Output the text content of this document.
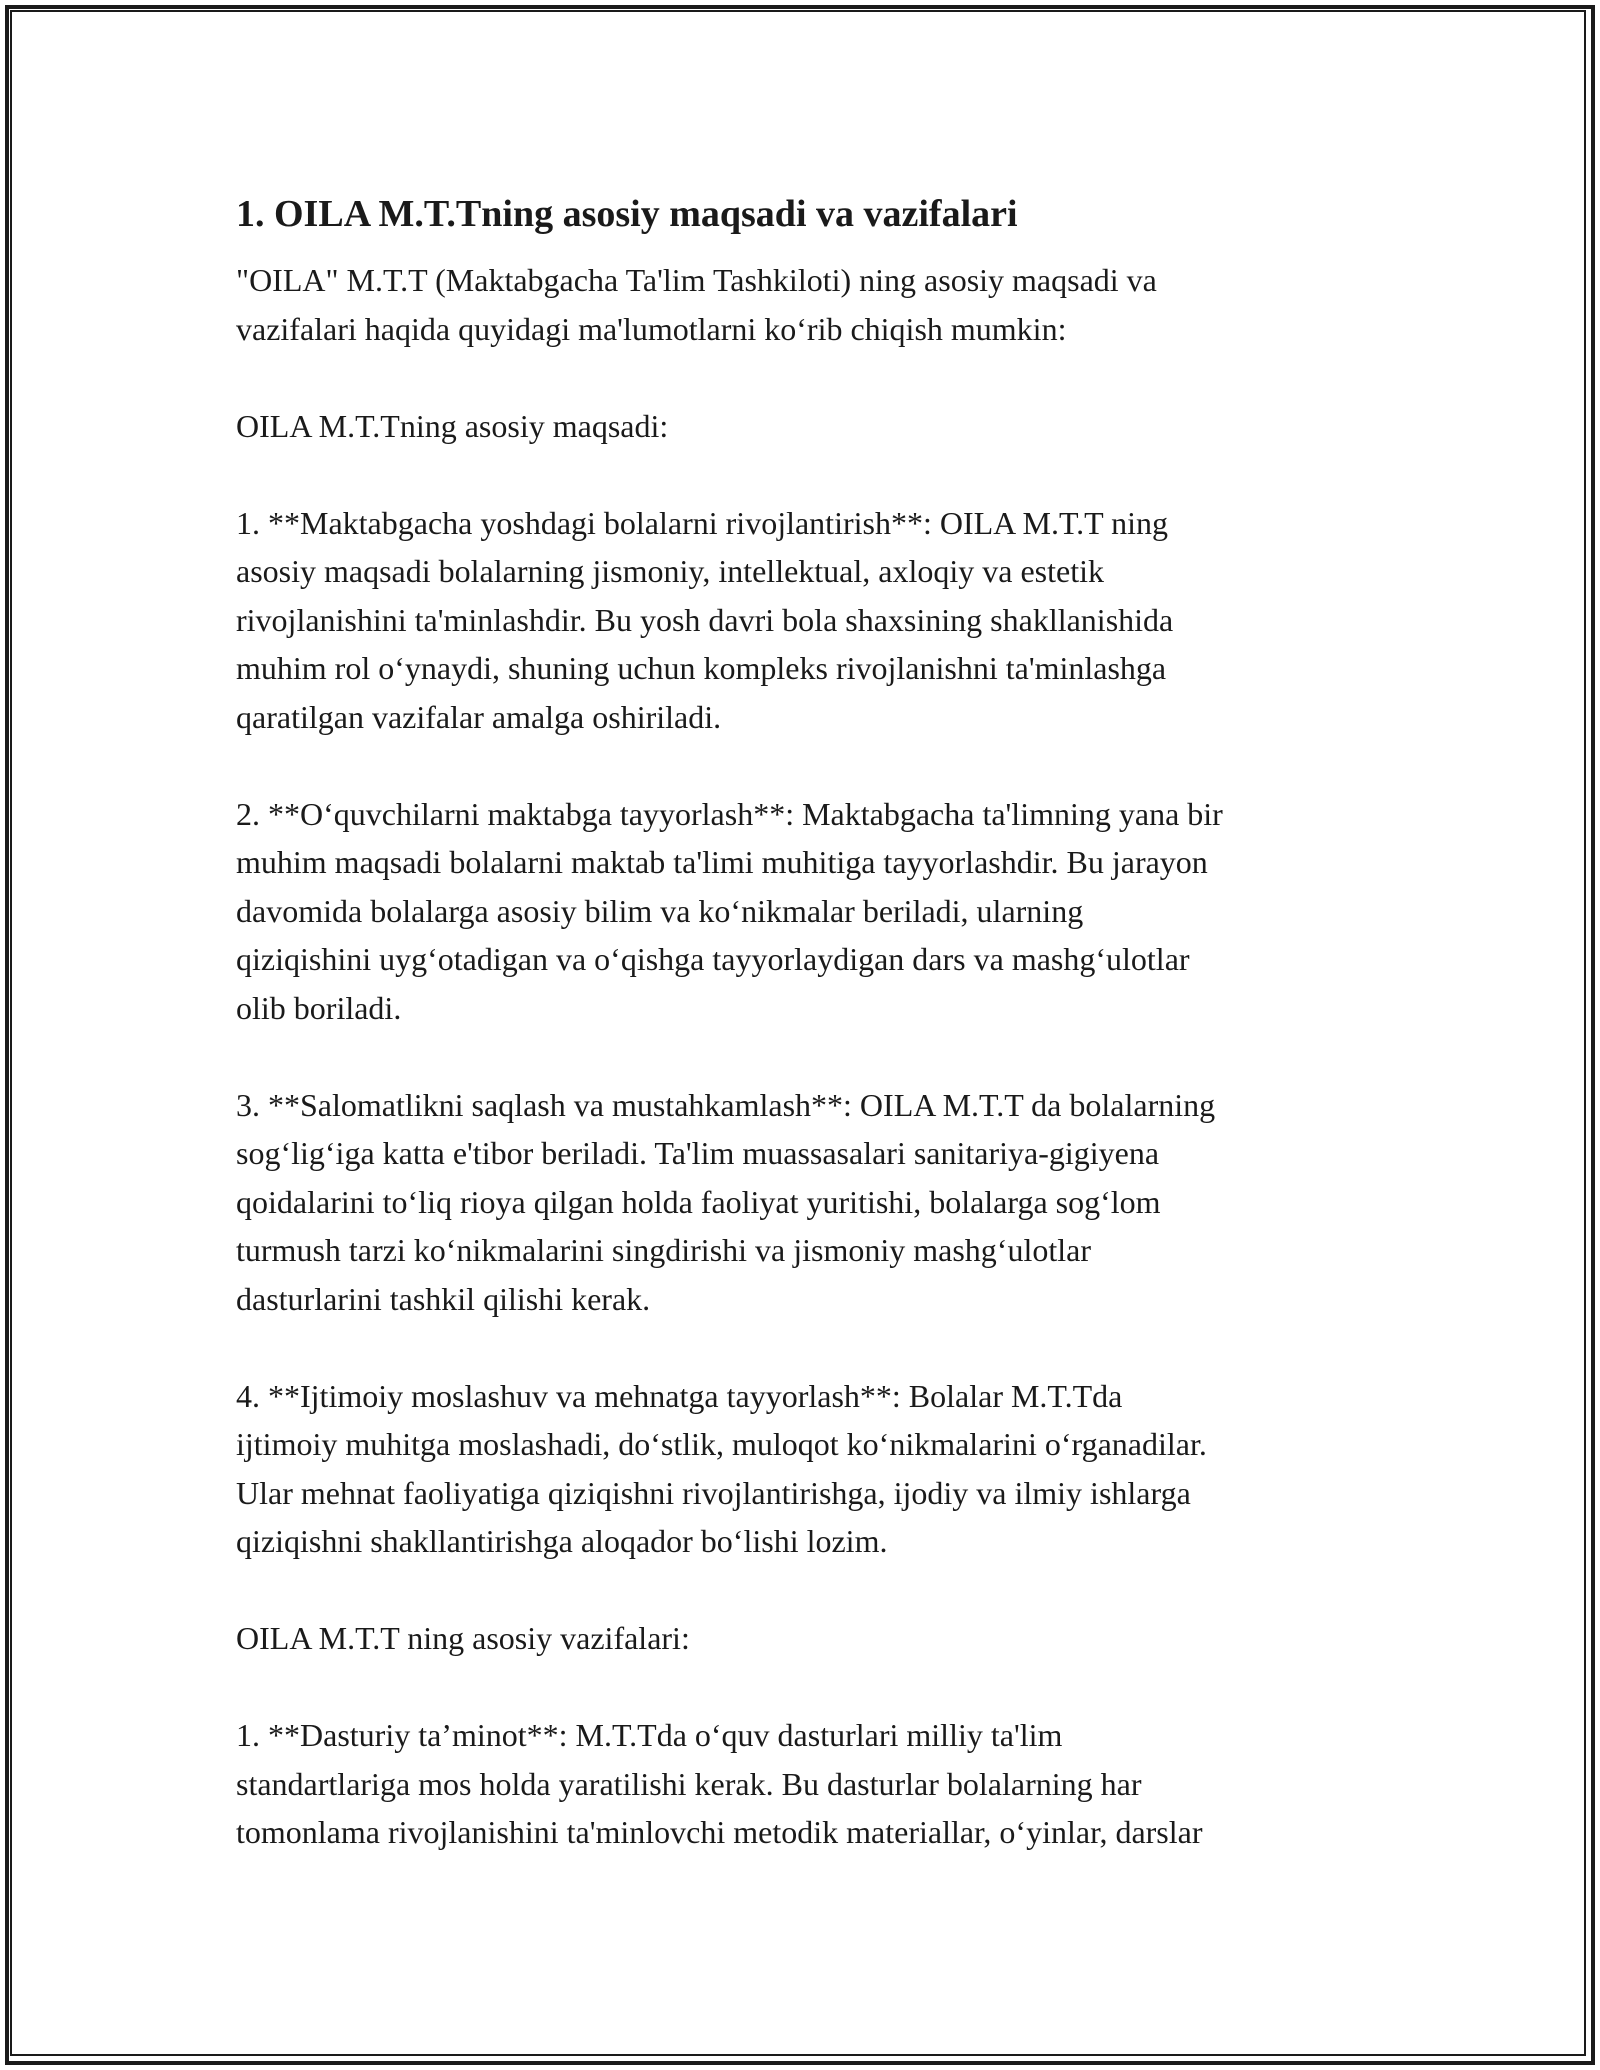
1. OILA M.T.Tning asosiy maqsadi va vazifalari

"OILA" M.T.T (Maktabgacha Ta'lim Tashkiloti) ning asosiy maqsadi va
vazifalari haqida quyidagi ma'lumotlarni ko‘rib chiqish mumkin:

OILA M.T.Tning asosiy maqsadi:

1. **Maktabgacha yoshdagi bolalarni rivojlantirish**: OILA M.T.T ning
asosiy maqsadi bolalarning jismoniy, intellektual, axloqiy va estetik
rivojlanishini ta'minlashdir. Bu yosh davri bola shaxsining shakllanishida
muhim rol o‘ynaydi, shuning uchun kompleks rivojlanishni ta'minlashga
qaratilgan vazifalar amalga oshiriladi.

2. **O‘quvchilarni maktabga tayyorlash**: Maktabgacha ta'limning yana bir
muhim maqsadi bolalarni maktab ta'limi muhitiga tayyorlashdir. Bu jarayon
davomida bolalarga asosiy bilim va ko‘nikmalar beriladi, ularning
qiziqishini uyg‘otadigan va o‘qishga tayyorlaydigan dars va mashg‘ulotlar
olib boriladi.

3. **Salomatlikni saqlash va mustahkamlash**: OILA M.T.T da bolalarning
sog‘lig‘iga katta e'tibor beriladi. Ta'lim muassasalari sanitariya-gigiyena
qoidalarini to‘liq rioya qilgan holda faoliyat yuritishi, bolalarga sog‘lom
turmush tarzi ko‘nikmalarini singdirishi va jismoniy mashg‘ulotlar
dasturlarini tashkil qilishi kerak.

4. **Ijtimoiy moslashuv va mehnatga tayyorlash**: Bolalar M.T.Tda
ijtimoiy muhitga moslashadi, do‘stlik, muloqot ko‘nikmalarini o‘rganadilar.
Ular mehnat faoliyatiga qiziqishni rivojlantirishga, ijodiy va ilmiy ishlarga
qiziqishni shakllantirishga aloqador bo‘lishi lozim.

OILA M.T.T ning asosiy vazifalari:

1. **Dasturiy ta’minot**: M.T.Tda o‘quv dasturlari milliy ta'lim
standartlariga mos holda yaratilishi kerak. Bu dasturlar bolalarning har
tomonlama rivojlanishini ta'minlovchi metodik materiallar, o‘yinlar, darslar
